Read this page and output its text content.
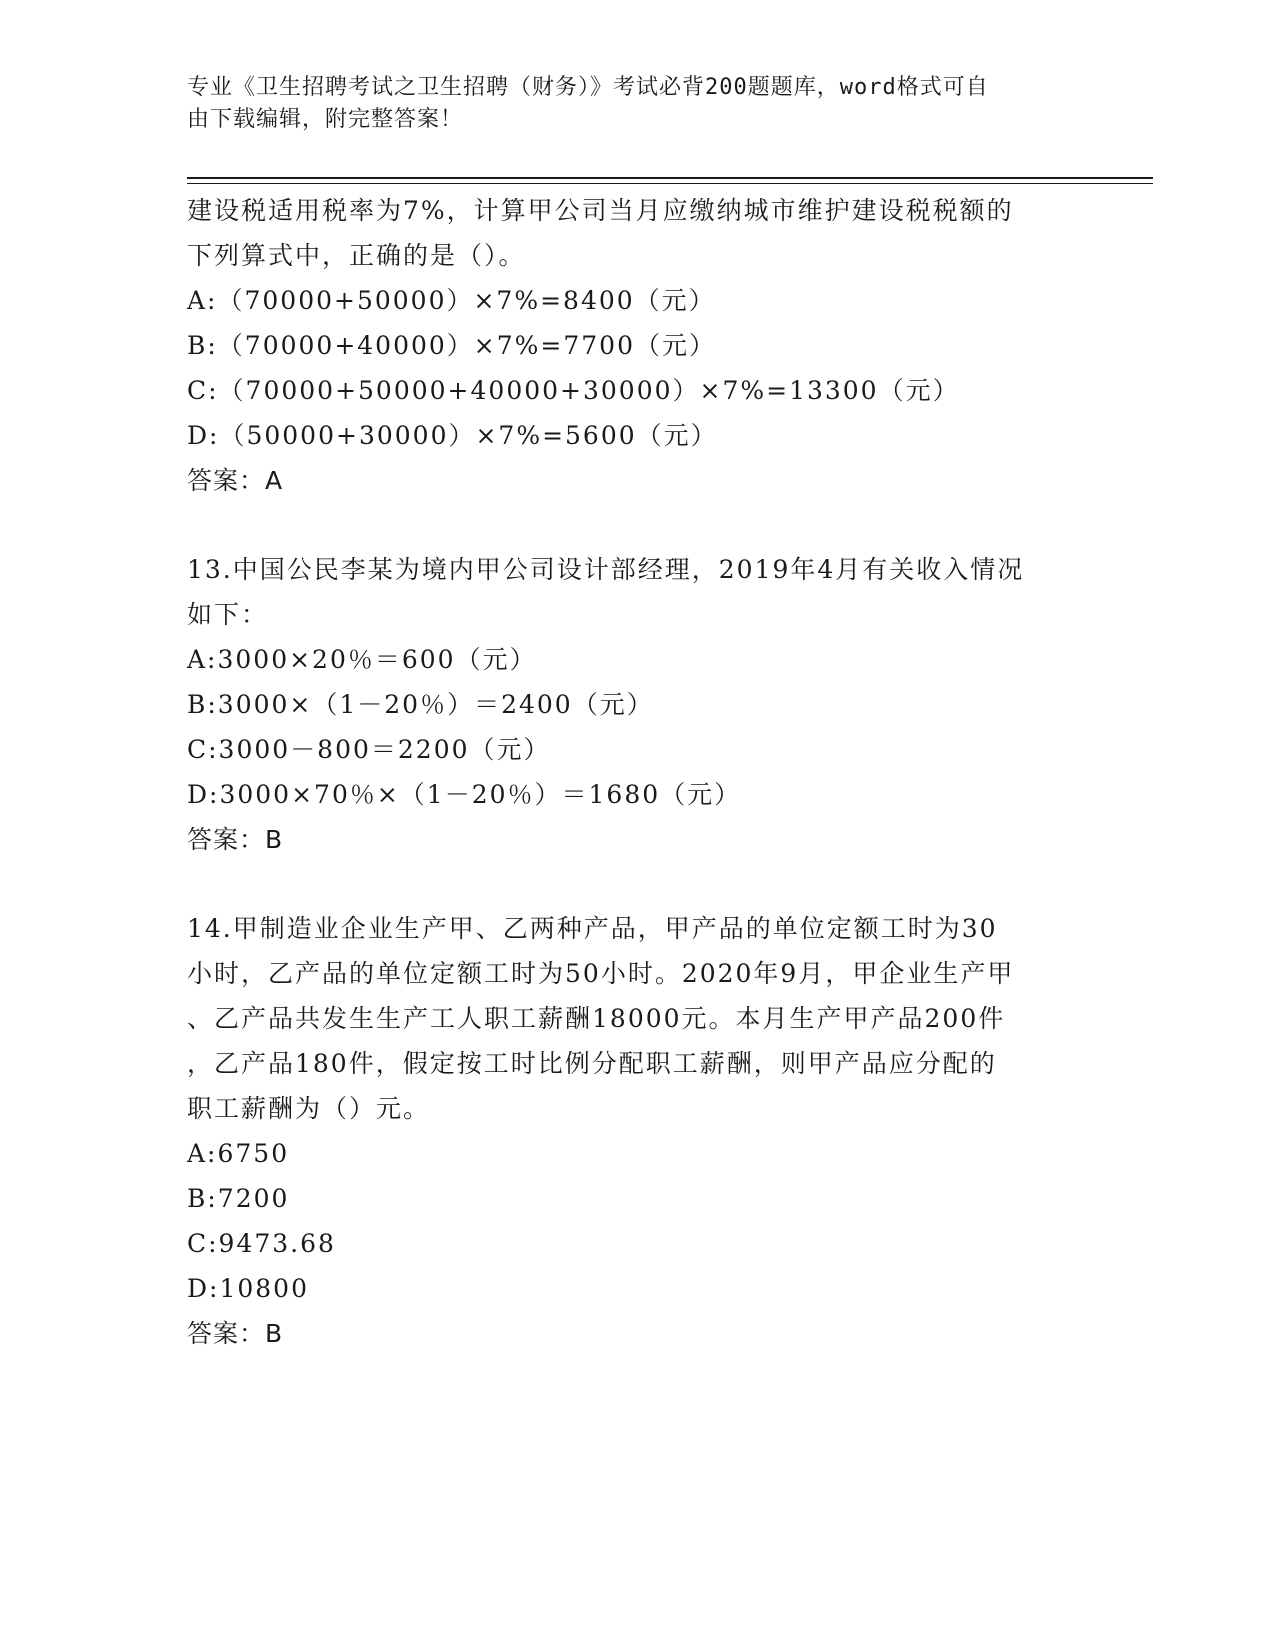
专业《卫生招聘考试之卫生招聘（财务）》考试必背200题题库，word格式可自
由下载编辑，附完整答案！
建设税适用税率为7%，计算甲公司当月应缴纳城市维护建设税税额的
下列算式中，正确的是（）。
A:（70000+50000）×7%=8400（元）
B:（70000+40000）×7%=7700（元）
C:（70000+50000+40000+30000）×7%=13300（元）
D:（50000+30000）×7%=5600（元）
答案：A
13.中国公民李某为境内甲公司设计部经理，2019年4月有关收入情况
如下：
A:3000×20％＝600（元）
B:3000×（1－20％）＝2400（元）
C:3000－800＝2200（元）
D:3000×70％×（1－20％）＝1680（元）
答案：B
14.甲制造业企业生产甲、乙两种产品，甲产品的单位定额工时为30
小时，乙产品的单位定额工时为50小时。2020年9月，甲企业生产甲
、乙产品共发生生产工人职工薪酬18000元。本月生产甲产品200件
，乙产品180件，假定按工时比例分配职工薪酬，则甲产品应分配的
职工薪酬为（）元。
A:6750
B:7200
C:9473.68
D:10800
答案：B
